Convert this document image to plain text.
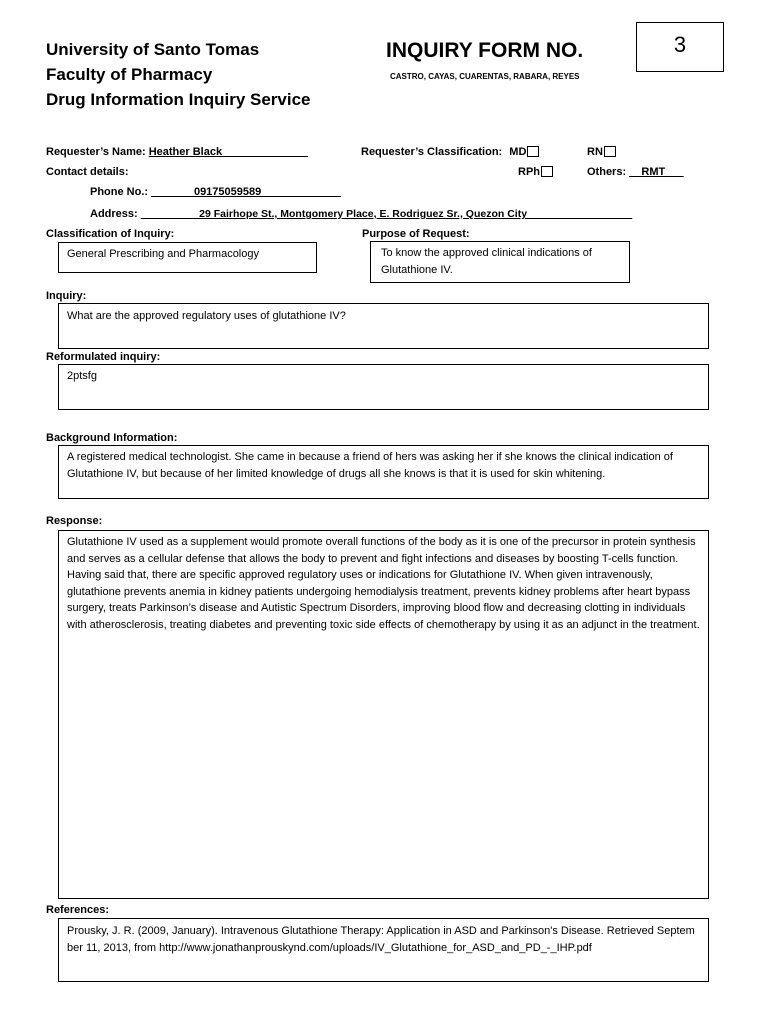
University of Santo Tomas
Faculty of Pharmacy
Drug Information Inquiry Service
INQUIRY FORM NO.	3
CASTRO, CAYAS, CUARENTAS, RABARA, REYES
Requester’s Name: Heather Black______________	Requester’s Classification: MD	RN
Contact details:	RPh	Others: __RMT___
Phone No.: _______09175059589_____________
Address: __________29 Fairhope St., Montgomery Place, E. Rodriguez Sr., Quezon City__________________
Classification of Inquiry:
General Prescribing and Pharmacology
Purpose of Request:
To know the approved clinical indications of Glutathione IV.
Inquiry:
What are the approved regulatory uses of glutathione IV?
Reformulated inquiry:
2ptsfg
Background Information:
A registered medical technologist. She came in because a friend of hers was asking her if she knows the clinical indication of Glutathione IV, but because of her limited knowledge of drugs all she knows is that it is used for skin whitening.
Response:
Glutathione IV used as a supplement would promote overall functions of the body as it is one of the precursor in protein synthesis and serves as a cellular defense that allows the body to prevent and fight infections and diseases by boosting T-cells function. Having said that, there are specific approved regulatory uses or indications for Glutathione IV. When given intravenously, glutathione prevents anemia in kidney patients undergoing hemodialysis treatment, prevents kidney problems after heart bypass surgery, treats Parkinson’s disease and Autistic Spectrum Disorders, improving blood flow and decreasing clotting in individuals with atherosclerosis, treating diabetes and preventing toxic side effects of chemotherapy by using it as an adjunct in the treatment.
References:
Prousky, J. R. (2009, January). Intravenous Glutathione Therapy: Application in ASD and Parkinson's Disease. Retrieved September 11, 2013, from http://www.jonathanprouskynd.com/uploads/IV_Glutathione_for_ASD_and_PD_-_IHP.pdf
